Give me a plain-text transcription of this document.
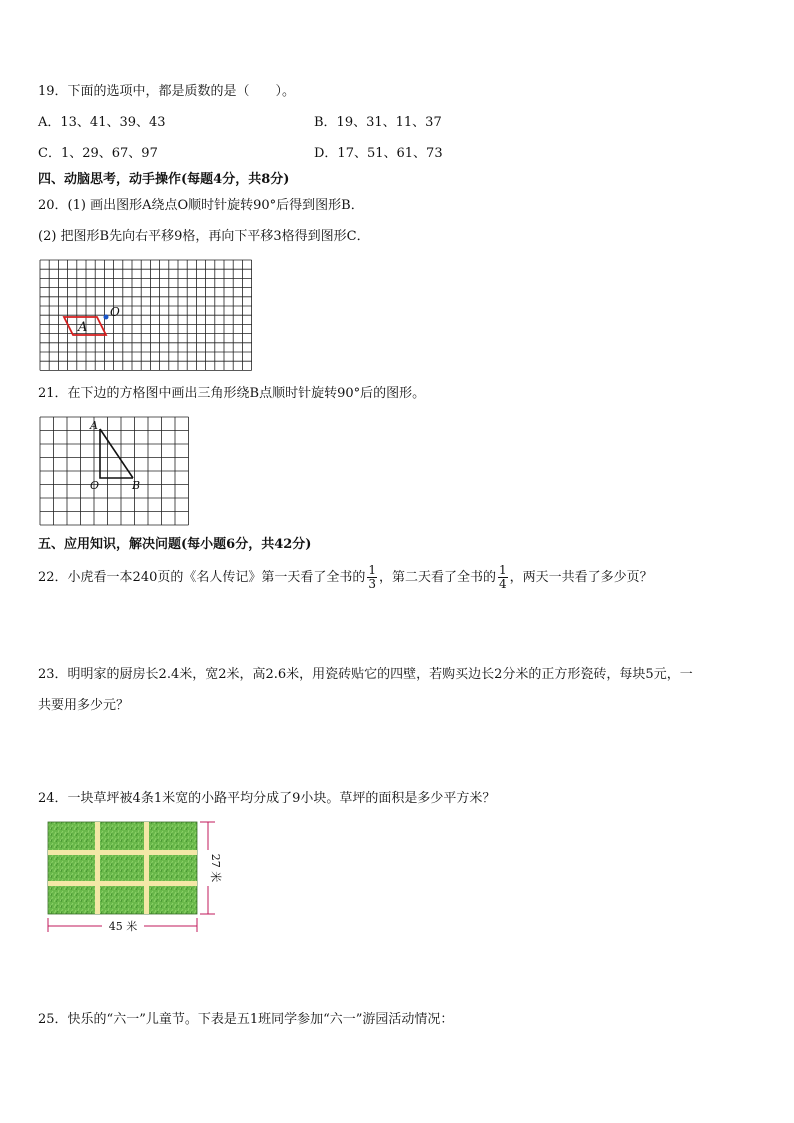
19．下面的选项中，都是质数的是（　　）。
A．13、41、39、43	B．19、31、11、37
C．1、29、67、97	D．17、51、61、73
四、动脑思考，动手操作(每题4分，共8分)
20．(1) 画出图形A绕点O顺时针旋转90°后得到图形B．
(2) 把图形B先向右平移9格，再向下平移3格得到图形C．
A
O
21．在下边的方格图中画出三角形绕B点顺时针旋转90°后的图形。
A
O	B
五、应用知识，解决问题(每小题6分，共42分)
22．小虎看一本240页的《名人传记》第一天看了全书的 $\frac{1}{3}$ ，第二天看了全书的 $\frac{1}{4}$ ，两天一共看了多少页？
23．明明家的厨房长2.4米，宽2米，高2.6米，用瓷砖贴它的四壁，若购买边长2分米的正方形瓷砖，每块5元，一
共要用多少元？
24．一块草坪被4条1米宽的小路平均分成了9小块。草坪的面积是多少平方米？
45 米
27 米
25．快乐的“六一”儿童节。下表是五1班同学参加“六一”游园活动情况：
